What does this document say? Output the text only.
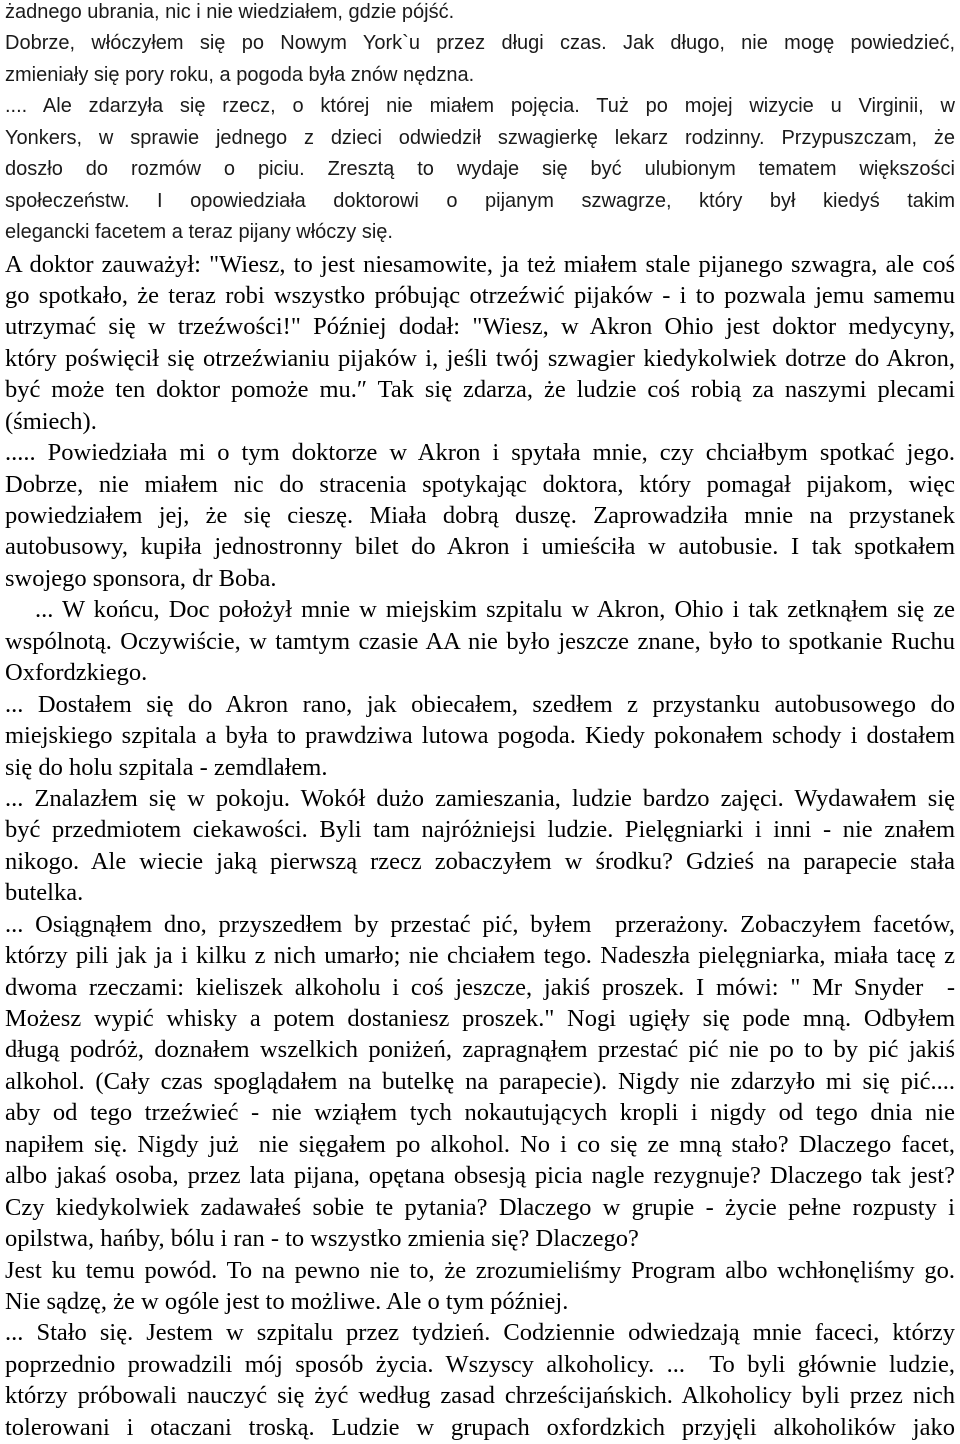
żadnego ubrania, nic i nie wiedziałem, gdzie pójść.
Dobrze, włóczyłem się po Nowym York`u przez długi czas. Jak długo, nie mogę powiedzieć,
zmieniały się pory roku, a pogoda była znów nędzna.
.... Ale zdarzyła się rzecz, o której nie miałem pojęcia. Tuż po mojej wizycie u Virginii, w
Yonkers, w sprawie jednego z dzieci odwiedził szwagierkę lekarz rodzinny. Przypuszczam, że
doszło do rozmów o piciu. Zresztą to wydaje się być ulubionym tematem większości
społeczeństw. I opowiedziała doktorowi o pijanym szwagrze, który był kiedyś takim
elegancki facetem a teraz pijany włóczy się.
A doktor zauważył: "Wiesz, to jest niesamowite, ja też miałem stale pijanego szwagra, ale coś
go spotkało, że teraz robi wszystko próbując otrzeźwić pijaków - i to pozwala jemu samemu
utrzymać się w trzeźwości!" Później dodał: "Wiesz, w Akron Ohio jest doktor medycyny,
który poświęcił się otrzeźwianiu pijaków i, jeśli twój szwagier kiedykolwiek dotrze do Akron,
być może ten doktor pomoże mu.″ Tak się zdarza, że ludzie coś robią za naszymi plecami
(śmiech).
..... Powiedziała mi o tym doktorze w Akron i spytała mnie, czy chciałbym spotkać jego.
Dobrze, nie miałem nic do stracenia spotykając doktora, który pomagał pijakom, więc
powiedziałem jej, że się cieszę. Miała dobrą duszę. Zaprowadziła mnie na przystanek
autobusowy, kupiła jednostronny bilet do Akron i umieściła w autobusie. I tak spotkałem
swojego sponsora, dr Boba.
... W końcu, Doc położył mnie w miejskim szpitalu w Akron, Ohio i tak zetknąłem się ze
wspólnotą. Oczywiście, w tamtym czasie AA nie było jeszcze znane, było to spotkanie Ruchu
Oxfordzkiego.
... Dostałem się do Akron rano, jak obiecałem, szedłem z przystanku autobusowego do
miejskiego szpitala a była to prawdziwa lutowa pogoda. Kiedy pokonałem schody i dostałem
się do holu szpitala - zemdlałem.
... Znalazłem się w pokoju. Wokół dużo zamieszania, ludzie bardzo zajęci. Wydawałem się
być przedmiotem ciekawości. Byli tam najróżniejsi ludzie. Pielęgniarki i inni - nie znałem
nikogo. Ale wiecie jaką pierwszą rzecz zobaczyłem w środku? Gdzieś na parapecie stała
butelka.
... Osiągnąłem dno, przyszedłem by przestać pić, byłem  przerażony. Zobaczyłem facetów,
którzy pili jak ja i kilku z nich umarło; nie chciałem tego. Nadeszła pielęgniarka, miała tacę z
dwoma rzeczami: kieliszek alkoholu i coś jeszcze, jakiś proszek. I mówi: " Mr Snyder  -
Możesz wypić whisky a potem dostaniesz proszek." Nogi ugięły się pode mną. Odbyłem
długą podróż, doznałem wszelkich poniżeń, zapragnąłem przestać pić nie po to by pić jakiś
alkohol. (Cały czas spoglądałem na butelkę na parapecie). Nigdy nie zdarzyło mi się pić....
aby od tego trzeźwieć - nie wziąłem tych nokautujących kropli i nigdy od tego dnia nie
napiłem się. Nigdy już  nie sięgałem po alkohol. No i co się ze mną stało? Dlaczego facet,
albo jakaś osoba, przez lata pijana, opętana obsesją picia nagle rezygnuje? Dlaczego tak jest?
Czy kiedykolwiek zadawałeś sobie te pytania? Dlaczego w grupie - życie pełne rozpusty i
opilstwa, hańby, bólu i ran - to wszystko zmienia się? Dlaczego?
Jest ku temu powód. To na pewno nie to, że zrozumieliśmy Program albo wchłonęliśmy go.
Nie sądzę, że w ogóle jest to możliwe. Ale o tym później.
... Stało się. Jestem w szpitalu przez tydzień. Codziennie odwiedzają mnie faceci, którzy
poprzednio prowadzili mój sposób życia. Wszyscy alkoholicy. ...  To byli głównie ludzie,
którzy próbowali nauczyć się żyć według zasad chrześcijańskich. Alkoholicy byli przez nich
tolerowani i otaczani troską. Ludzie w grupach oxfordzkich przyjęli alkoholików jako
